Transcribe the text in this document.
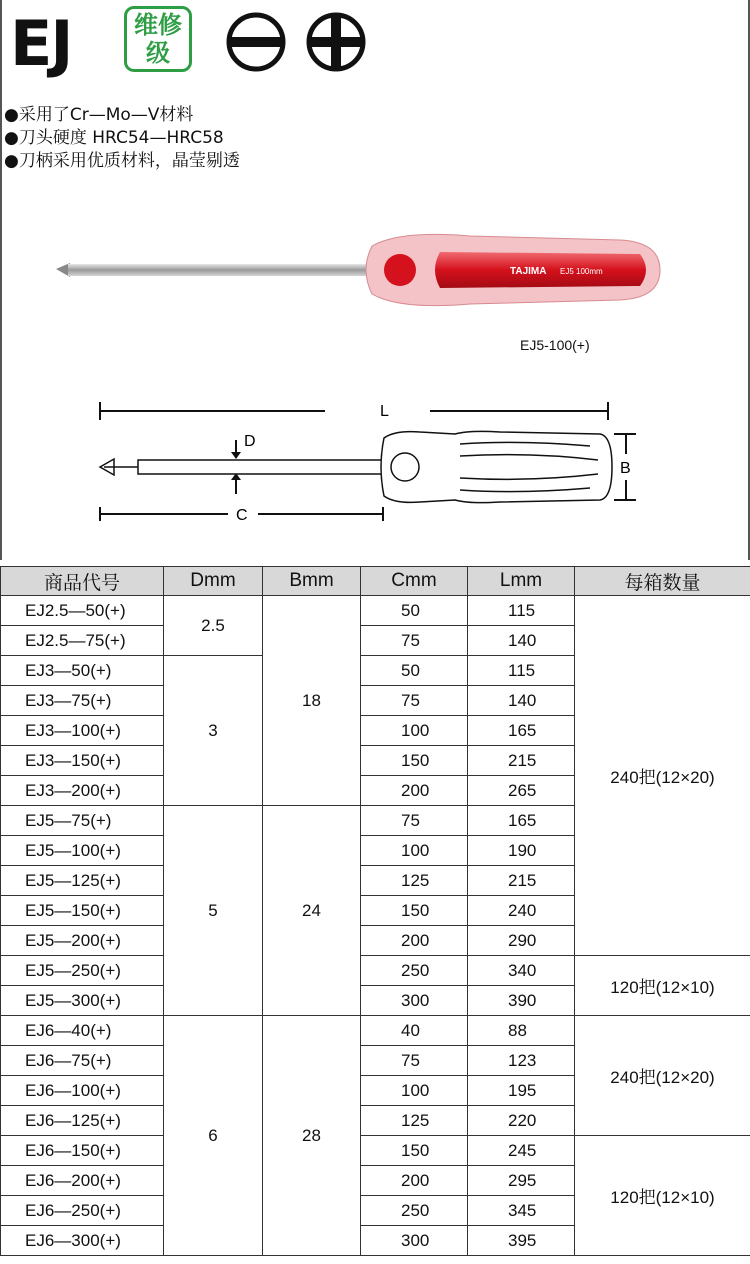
EJ	维修
级
●采用了Cr—Mo—V材料
●刀头硬度 HRC54—HRC58
●刀柄采用优质材料，晶莹剔透
TAJIMA EJ5 100mm
EJ5-100(+)
L
D
B
C
商品代号	Dmm	Bmm	Cmm	Lmm	每箱数量
EJ2.5—50(+)	2.5	18	50	115	240把(12×20)
EJ2.5—75(+)			75	140	
EJ3—50(+)	3		50	115	
EJ3—75(+)			75	140	
EJ3—100(+)			100	165	
EJ3—150(+)			150	215	
EJ3—200(+)			200	265	
EJ5—75(+)	5	24	75	165	
EJ5—100(+)			100	190	
EJ5—125(+)			125	215	
EJ5—150(+)			150	240	
EJ5—200(+)			200	290	
EJ5—250(+)			250	340	120把(12×10)
EJ5—300(+)			300	390	
EJ6—40(+)	6	28	40	88	240把(12×20)
EJ6—75(+)			75	123	
EJ6—100(+)			100	195	
EJ6—125(+)			125	220	
EJ6—150(+)			150	245	120把(12×10)
EJ6—200(+)			200	295	
EJ6—250(+)			250	345	
EJ6—300(+)			300	395	
